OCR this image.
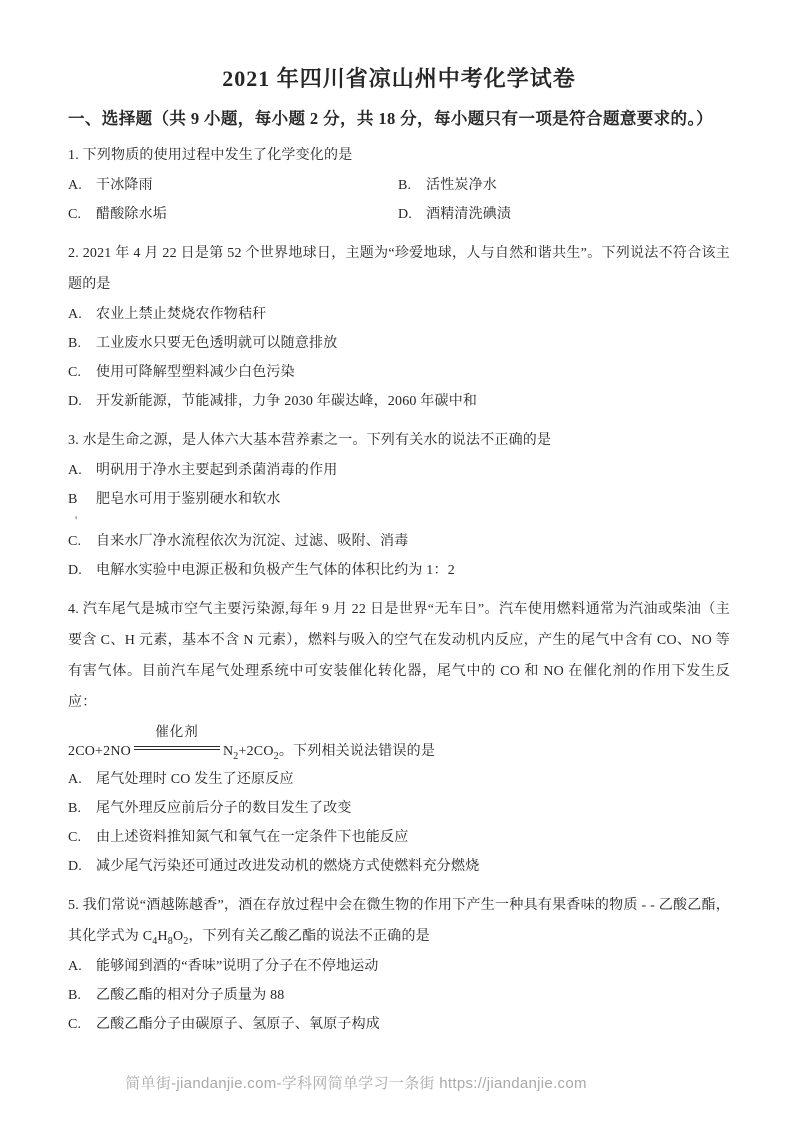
2021 年四川省凉山州中考化学试卷
一、选择题（共 9 小题，每小题 2 分，共 18 分，每小题只有一项是符合题意要求的。）

1. 下列物质的使用过程中发生了化学变化的是

A. 干冰降雨	B. 活性炭净水
C. 醋酸除水垢	D. 酒精清洗碘渍

2. 2021 年 4 月 22 日是第 52 个世界地球日，主题为“珍爱地球，人与自然和谐共生”。下列说法不符合该主题的是

A. 农业上禁止焚烧农作物秸秆
B. 工业废水只要无色透明就可以随意排放
C. 使用可降解型塑料减少白色污染
D. 开发新能源，节能减排，力争 2030 年碳达峰，2060 年碳中和

3. 水是生命之源，是人体六大基本营养素之一。下列有关水的说法不正确的是

A. 明矾用于净水主要起到杀菌消毒的作用
B 肥皂水可用于鉴别硬水和软水
'
C. 自来水厂净水流程依次为沉淀、过滤、吸附、消毒
D. 电解水实验中电源正极和负极产生气体的体积比约为 1：2

4. 汽车尾气是城市空气主要污染源,每年 9 月 22 日是世界“无车日”。汽车使用燃料通常为汽油或柴油（主要含 C、H 元素，基本不含 N 元素），燃料与吸入的空气在发动机内反应，产生的尾气中含有 CO、NO 等有害气体。目前汽车尾气处理系统中可安装催化转化器，尾气中的 CO 和 NO 在催化剂的作用下发生反应：

2CO+2NO
催化剂
$N_2+2CO_2$。下列相关说法错误的是

A. 尾气处理时 CO 发生了还原反应
B. 尾气外理反应前后分子的数目发生了改变
C. 由上述资料推知氮气和氧气在一定条件下也能反应
D. 减少尾气污染还可通过改进发动机的燃烧方式使燃料充分燃烧

5. 我们常说“酒越陈越香”，酒在存放过程中会在微生物的作用下产生一种具有果香味的物质 - - 乙酸乙酯，其化学式为 $C_4H_8O_2$，下列有关乙酸乙酯的说法不正确的是

A. 能够闻到酒的“香味”说明了分子在不停地运动
B. 乙酸乙酯的相对分子质量为 88
C. 乙酸乙酯分子由碳原子、氢原子、氧原子构成
简单街-jiandanjie.com-学科网简单学习一条街 https://jiandanjie.com
